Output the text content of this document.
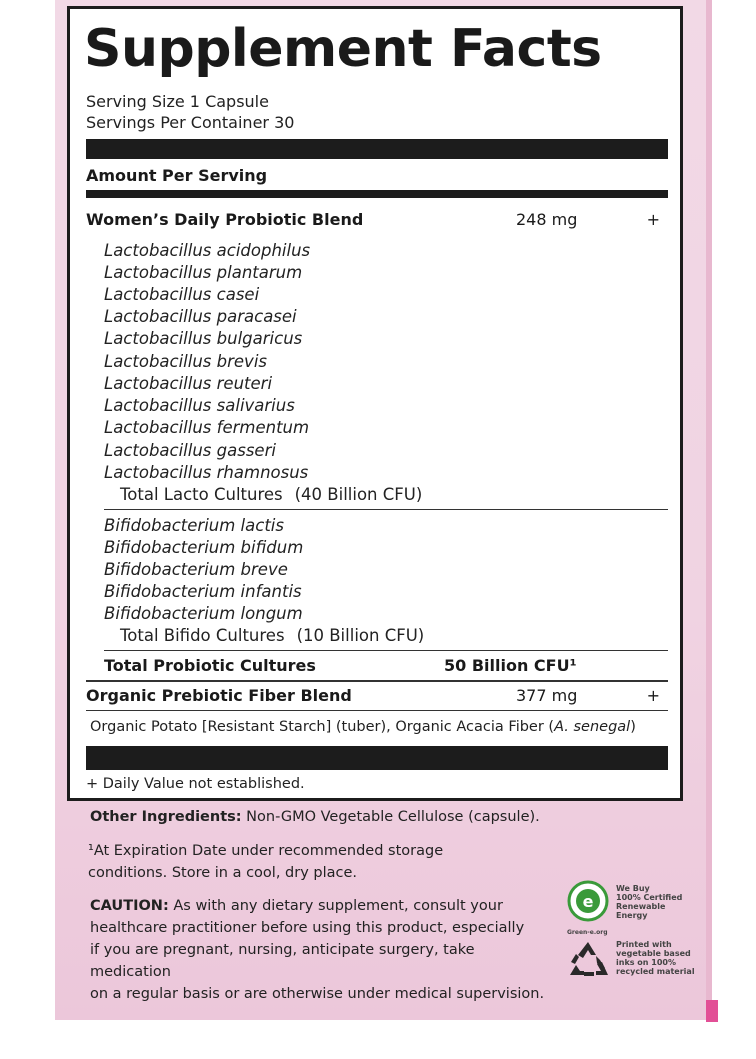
Supplement Facts
Serving Size 1 Capsule
Servings Per Container 30
Amount Per Serving
Women’s Daily Probiotic Blend	248 mg	+
Lactobacillus acidophilus
Lactobacillus plantarum
Lactobacillus casei
Lactobacillus paracasei
Lactobacillus bulgaricus
Lactobacillus brevis
Lactobacillus reuteri
Lactobacillus salivarius
Lactobacillus fermentum
Lactobacillus gasseri
Lactobacillus rhamnosus
Total Lacto Cultures (40 Billion CFU)
Bifidobacterium lactis
Bifidobacterium bifidum
Bifidobacterium breve
Bifidobacterium infantis
Bifidobacterium longum
Total Bifido Cultures (10 Billion CFU)
Total Probiotic Cultures	50 Billion CFU¹
Organic Prebiotic Fiber Blend	377 mg	+
Organic Potato [Resistant Starch] (tuber), Organic Acacia Fiber (A. senegal)
+ Daily Value not established.
Other Ingredients: Non-GMO Vegetable Cellulose (capsule).
¹At Expiration Date under recommended storage
conditions. Store in a cool, dry place.
CAUTION: As with any dietary supplement, consult your
healthcare practitioner before using this product, especially
if you are pregnant, nursing, anticipate surgery, take medication
on a regular basis or are otherwise under medical supervision.
e
Green-e.org
We Buy
100% Certified
Renewable
Energy
Printed with
vegetable based
inks on 100%
recycled material
